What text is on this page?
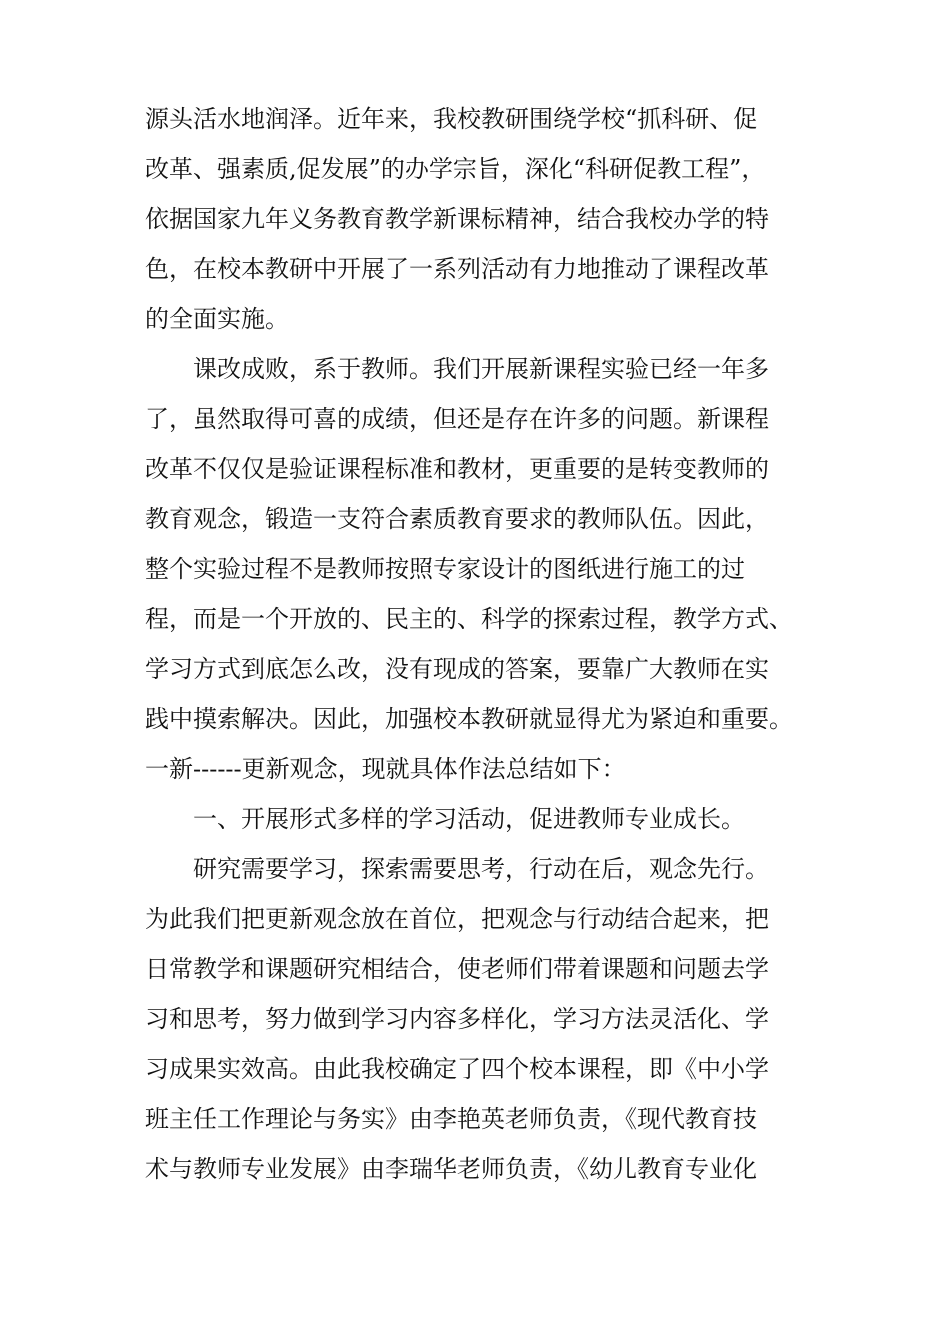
源头活水地润泽。近年来，我校教研围绕学校“抓科研、促
改革、强素质,促发展”的办学宗旨，深化“科研促教工程”，
依据国家九年义务教育教学新课标精神，结合我校办学的特
色，在校本教研中开展了一系列活动有力地推动了课程改革
的全面实施。
课改成败，系于教师。我们开展新课程实验已经一年多
了，虽然取得可喜的成绩，但还是存在许多的问题。新课程
改革不仅仅是验证课程标准和教材，更重要的是转变教师的
教育观念，锻造一支符合素质教育要求的教师队伍。因此，
整个实验过程不是教师按照专家设计的图纸进行施工的过
程，而是一个开放的、民主的、科学的探索过程，教学方式、
学习方式到底怎么改，没有现成的答案，要靠广大教师在实
践中摸索解决。因此，加强校本教研就显得尤为紧迫和重要。
一新------更新观念，现就具体作法总结如下：
一、开展形式多样的学习活动，促进教师专业成长。
研究需要学习，探索需要思考，行动在后，观念先行。
为此我们把更新观念放在首位，把观念与行动结合起来，把
日常教学和课题研究相结合，使老师们带着课题和问题去学
习和思考，努力做到学习内容多样化，学习方法灵活化、学
习成果实效高。由此我校确定了四个校本课程，即《中小学
班主任工作理论与务实》由李艳英老师负责，《现代教育技
术与教师专业发展》由李瑞华老师负责，《幼儿教育专业化
